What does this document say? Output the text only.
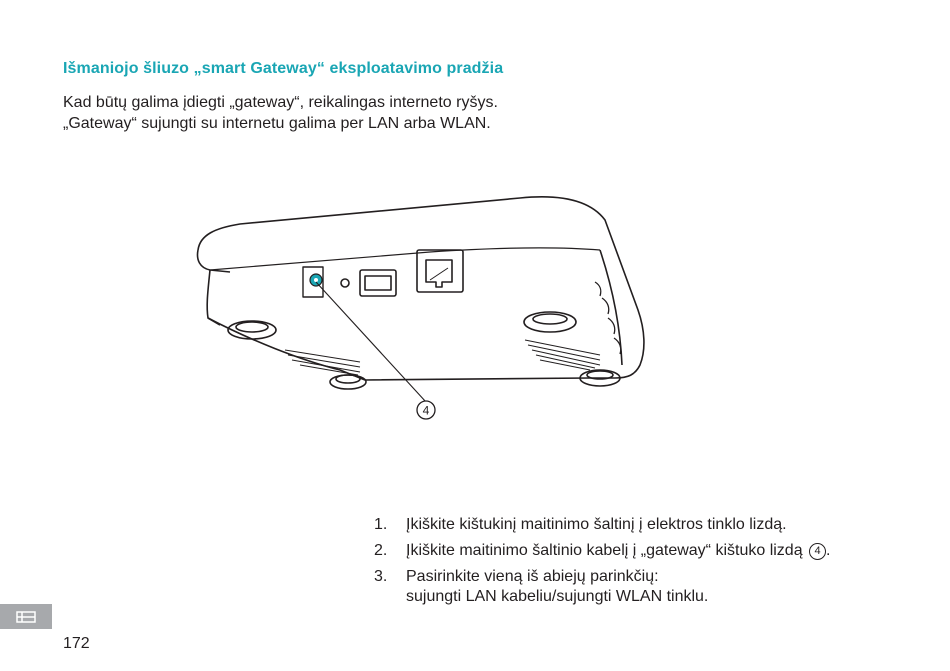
Išmaniojo šliuzo „smart Gateway“ eksploatavimo pradžia

Kad būtų galima įdiegti „gateway“, reikalingas interneto ryšys.

„Gateway“ sujungti su internetu galima per LAN arba WLAN.

4
1.	Įkiškite kištukinį maitinimo šaltinį į elektros tinklo lizdą.
2.	Įkiškite maitinimo šaltinio kabelį į „gateway“ kištuko lizdą 4 .
3.	Pasirinkite vieną iš abiejų parinkčių:
sujungti LAN kabeliu/sujungti WLAN tinklu.
172
